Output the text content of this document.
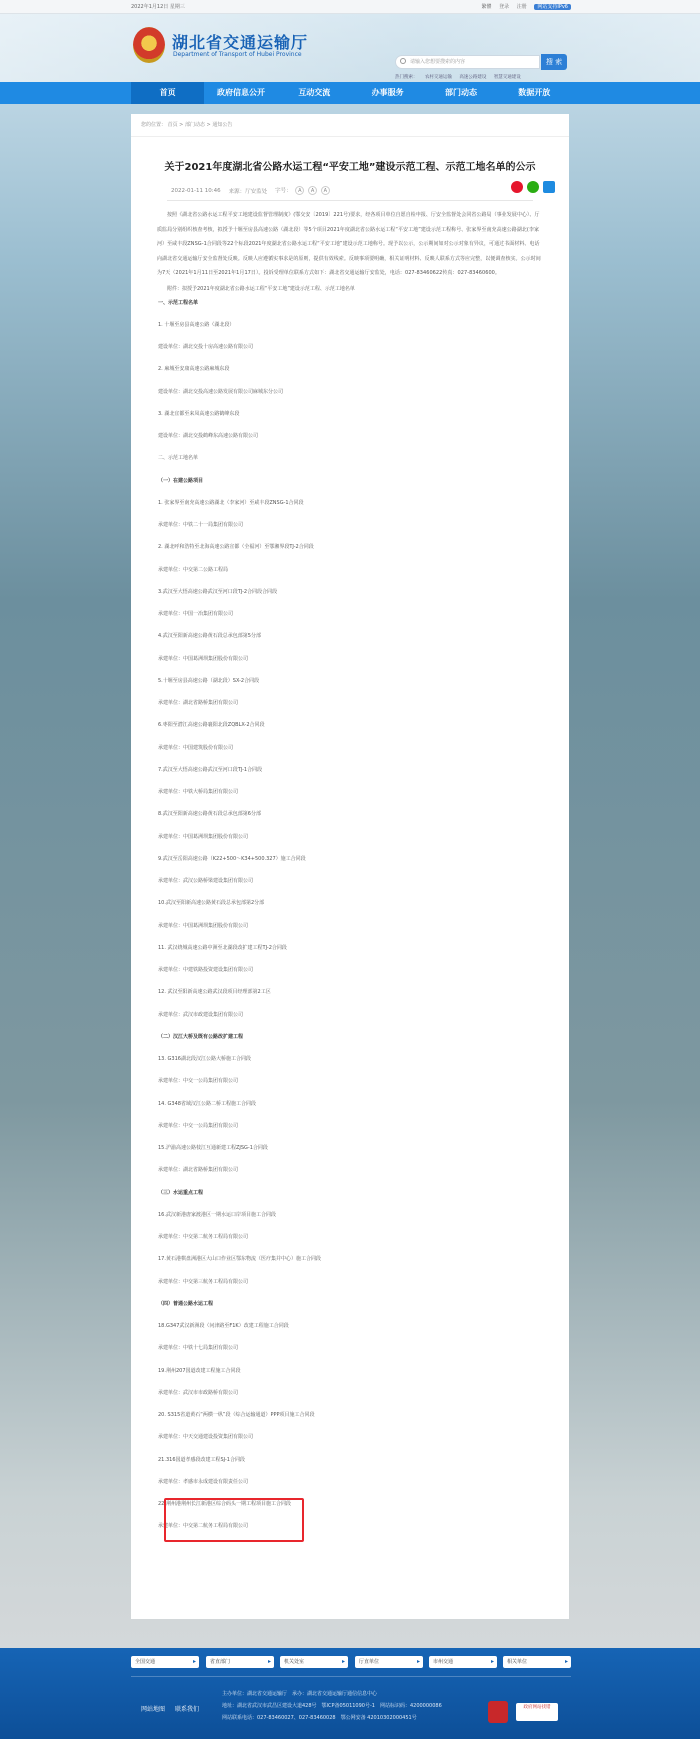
2022年1月12日 星期三	繁體 登录 注册 网站支持IPv6
湖北省交通运输厅
Department of Transport of Hubei Province
请输入您想要搜索的内容	搜 索
热门搜索： 农村交通运输 高速公路建设 智慧交通建设
首页	政府信息公开	互动交流	办事服务	部门动态	数据开放
您的位置： 首页 > 部门动态 > 通知公告
关于2021年度湖北省公路水运工程“平安工地”建设示范工程、示范工地名单的公示
2022-01-11 10:46 来源：厅安监处 字号： A A A

按照《湖北省公路水运工程平安工地建设监督管理制度》(鄂交安〔2019〕221号)要求，经各项目单位自愿自检申报、厅安全监督处会同省公路局（事业发展中心）、厅质监局分别组织核查考核，拟授予十堰至房县高速公路（湖北段）等5个项目2021年度湖北省公路水运工程“平安工地”建设示范工程称号、张家界至南充高速公路湖北(李家河）至咸丰段ZNSG-1合同段等22个标段2021年度湖北省公路水运工程“平安工地”建设示范工地称号。现予以公示，公示期间如对公示对象有异议，可通过书面材料、电话向湖北省交通运输厅安全监督处反映。反映人应遵循实事求是的原则，提供有效线索。反映事项要明确，相关证明材料、反映人联系方式等应完整，以便调查核实。公示时间为7天（2021年1月11日至2021年1月17日）。投诉受理单位联系方式如下：湖北省交通运输厅安监处，电话：027-83460622传真：027-83460600。

附件：拟授予2021年度湖北省公路水运工程“平安工地”建设示范工程、示范工地名单

一、示范工程名单
1. 十堰至房县高速公路（湖北段）
建设单位：湖北交投十房高速公路有限公司
2. 麻城至安康高速公路麻城东段
建设单位：湖北交投高速公路发展有限公司麻城东分公司
3. 湖北宜都至来凤高速公路鹤峰东段
建设单位：湖北交投鹤峰东高速公路有限公司
二、示范工地名单
（一）在建公路项目
1. 张家界至南充高速公路湖北（李家河）至咸丰段ZNSG-1合同段
承建单位：中铁二十一局集团有限公司
2. 湖北呼和浩特至北海高速公路宣都（全福河）至鄂湘界段TJ-2合同段
承建单位：中交第二公路工程局
3.武汉至大悟高速公路武汉至河口段TJ-2合同段合同段
承建单位：中国一冶集团有限公司
4.武汉至阳新高速公路黄石段总承包部第5分部
承建单位：中国葛洲坝集团股份有限公司
5.十堰至房县高速公路（湖北段）SX-2合同段
承建单位：湖北省路桥集团有限公司
6.枣阳至潜江高速公路襄阳北段ZQBLX-2合同段
承建单位：中国建筑股份有限公司
7.武汉至大悟高速公路武汉至河口段TJ-1合同段
承建单位：中铁大桥局集团有限公司
8.武汉至阳新高速公路黄石段总承包部第6分部
承建单位：中国葛洲坝集团股份有限公司
9.武汉至岳阳高速公路（K22+500～K34+500.327）施工合同段
承建单位：武汉公路桥梁建设集团有限公司
10.武汉至阳新高速公路黄石段总承包部第2分部
承建单位：中国葛洲坝集团股份有限公司
11. 武汉绕城高速公路中洲至北湖段改扩建工程TJ-2合同段
承建单位：中建铁路投资建设集团有限公司
12. 武汉至阳新高速公路武汉段项目经理部第2工区
承建单位：武汉市政建设集团有限公司
（二）汉江大桥及既有公路改扩建工程
13. G316湖北段汉江公路大桥施工合同段
承建单位：中交一公局集团有限公司
14. G348省域汉江公路二桥工程施工合同段
承建单位：中交一公局集团有限公司
15.沪渝高速公路枝江互通新建工程ZJSG-1合同段
承建单位：湖北省路桥集团有限公司
（三）水运重点工程
16.武汉新港唐家渡港区一期水运口岸项目施工合同段
承建单位：中交第二航务工程局有限公司
17.黄石港棋盘洲港区大山口作业区鄂东物流（医疗集并中心）施工合同段
承建单位：中交第三航务工程局有限公司
（四）普通公路水运工程
18.G347武汉新洲段（问津路至F1K）改建工程施工合同段
承建单位：中铁十七局集团有限公司
19.荆州207国道改建工程施工合同段
承建单位：武汉市市政路桥有限公司
20. S315省道黄石“两横一纵”段（综合运输通道）PPP项目施工合同段
承建单位：中天交通建设投资集团有限公司
21.316国道孝感段改建工程SJ-1合同段
承建单位：孝感市永成建设有限责任公司
22.荆州港荆州长江新港区综合码头一期工程项目施工合同段
承建单位：中交第二航务工程局有限公司
全国交通 ▸	省直部门 ▸	机关处室 ▸	厅直单位 ▸	市州交通 ▸	相关单位 ▸
网站地图 联系我们
主办单位：湖北省交通运输厅　承办：湖北省交通运输厅通信信息中心
地址：湖北省武汉市武昌区建设大道428号　鄂ICP备05011090号-1　网站标识码：4200000086
网站联系电话：027-83460027、027-83460028　鄂公网安备 42010302000451号
政府网站找错
